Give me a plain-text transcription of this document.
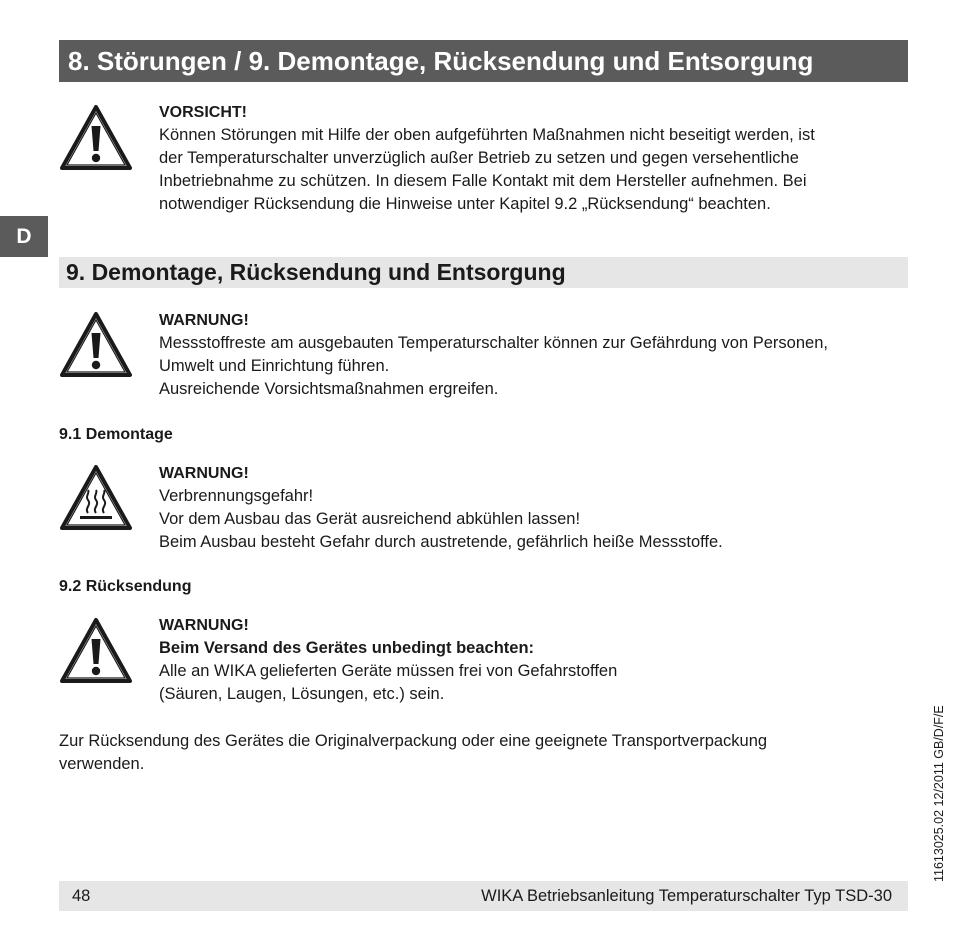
8. Störungen / 9. Demontage, Rücksendung und Entsorgung
D

VORSICHT!

Können Störungen mit Hilfe der oben aufgeführten Maßnahmen nicht beseitigt werden, ist

der Temperaturschalter unverzüglich außer Betrieb zu setzen und gegen versehentliche

Inbetriebnahme zu schützen. In diesem Falle Kontakt mit dem Hersteller aufnehmen. Bei

notwendiger Rücksendung die Hinweise unter Kapitel 9.2 „Rücksendung“ beachten.

9. Demontage, Rücksendung und Entsorgung

WARNUNG!

Messstoffreste am ausgebauten Temperaturschalter können zur Gefährdung von Personen,

Umwelt und Einrichtung führen.

Ausreichende Vorsichtsmaßnahmen ergreifen.

9.1 Demontage

WARNUNG!

Verbrennungsgefahr!

Vor dem Ausbau das Gerät ausreichend abkühlen lassen!

Beim Ausbau besteht Gefahr durch austretende, gefährlich heiße Messstoffe.

9.2 Rücksendung

WARNUNG!

Beim Versand des Gerätes unbedingt beachten:

Alle an WIKA gelieferten Geräte müssen frei von Gefahrstoffen

(Säuren, Laugen, Lösungen, etc.) sein.

Zur Rücksendung des Gerätes die Originalverpackung oder eine geeignete Transportverpackung

verwenden.

48	WIKA Betriebsanleitung Temperaturschalter Typ TSD-30
11613025.02 12/2011 GB/D/F/E
